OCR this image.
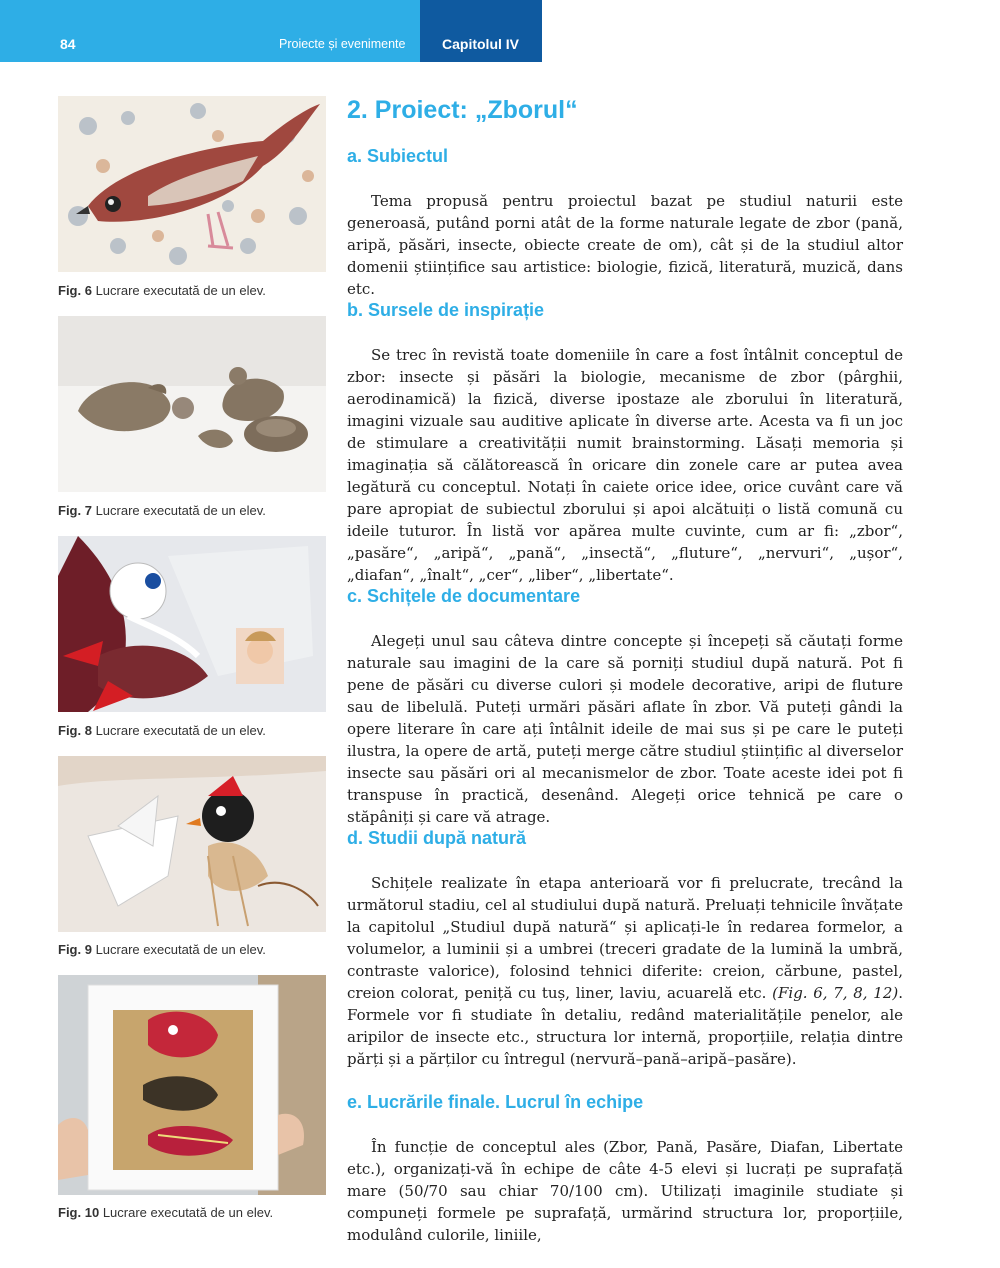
84	Proiecte și evenimente	Capitolul IV
Fig. 6 Lucrare executată de un elev.
Fig. 7 Lucrare executată de un elev.
Fig. 8 Lucrare executată de un elev.
Fig. 9 Lucrare executată de un elev.
Fig. 10 Lucrare executată de un elev.
2. Proiect: „Zborul“
a. Subiectul
Tema propusă pentru proiectul bazat pe studiul naturii este generoasă, putând porni atât de la forme naturale legate de zbor (pană, aripă, păsări, insecte, obiecte create de om), cât și de la studiul altor domenii științifice sau artistice: biologie, fizică, literatură, muzică, dans etc.
b. Sursele de inspirație
Se trec în revistă toate domeniile în care a fost întâlnit conceptul de zbor: insecte și păsări la biologie, mecanisme de zbor (pârghii, aerodinamică) la fizică, diverse ipostaze ale zborului în literatură, imagini vizuale sau auditive aplicate în diverse arte. Acesta va fi un joc de stimulare a creativității numit brainstorming. Lăsați memoria și imaginația să călătorească în oricare din zonele care ar putea avea legătură cu conceptul. Notați în caiete orice idee, orice cuvânt care vă pare apropiat de subiectul zborului și apoi alcătuiți o listă comună cu ideile tuturor. În listă vor apărea multe cuvinte, cum ar fi: „zbor“, „pasăre“, „aripă“, „pană“, „insectă“, „fluture“, „nervuri“, „ușor“, „diafan“, „înalt“, „cer“, „liber“, „libertate“.
c. Schițele de documentare
Alegeți unul sau câteva dintre concepte și începeți să căutați forme naturale sau imagini de la care să porniți studiul după natură. Pot fi pene de păsări cu diverse culori și modele decorative, aripi de fluture sau de libelulă. Puteți urmări păsări aflate în zbor. Vă puteți gândi la opere literare în care ați întâlnit ideile de mai sus și pe care le puteți ilustra, la opere de artă, puteți merge către studiul științific al diverselor insecte sau păsări ori al mecanismelor de zbor. Toate aceste idei pot fi transpuse în practică, desenând. Alegeți orice tehnică pe care o stăpâniți și care vă atrage.
d. Studii după natură
Schițele realizate în etapa anterioară vor fi prelucrate, trecând la următorul stadiu, cel al studiului după natură. Preluați tehnicile învățate la capitolul „Studiul după natură“ și aplicați-le în redarea formelor, a volumelor, a luminii și a umbrei (treceri gradate de la lumină la umbră, contraste valorice), folosind tehnici diferite: creion, cărbune, pastel, creion colorat, peniță cu tuș, liner, laviu, acuarelă etc. (Fig. 6, 7, 8, 12). Formele vor fi studiate în detaliu, redând materialitățile penelor, ale aripilor de insecte etc., structura lor internă, proporțiile, relația dintre părți și a părților cu întregul (nervură–pană–aripă–pasăre).
e. Lucrările finale. Lucrul în echipe
În funcție de conceptul ales (Zbor, Pană, Pasăre, Diafan, Libertate etc.), organizați-vă în echipe de câte 4-5 elevi și lucrați pe suprafață mare (50/70 sau chiar 70/100 cm). Utilizați imaginile studiate și compuneți formele pe suprafață, urmărind structura lor, proporțiile, modulând culorile, liniile,
